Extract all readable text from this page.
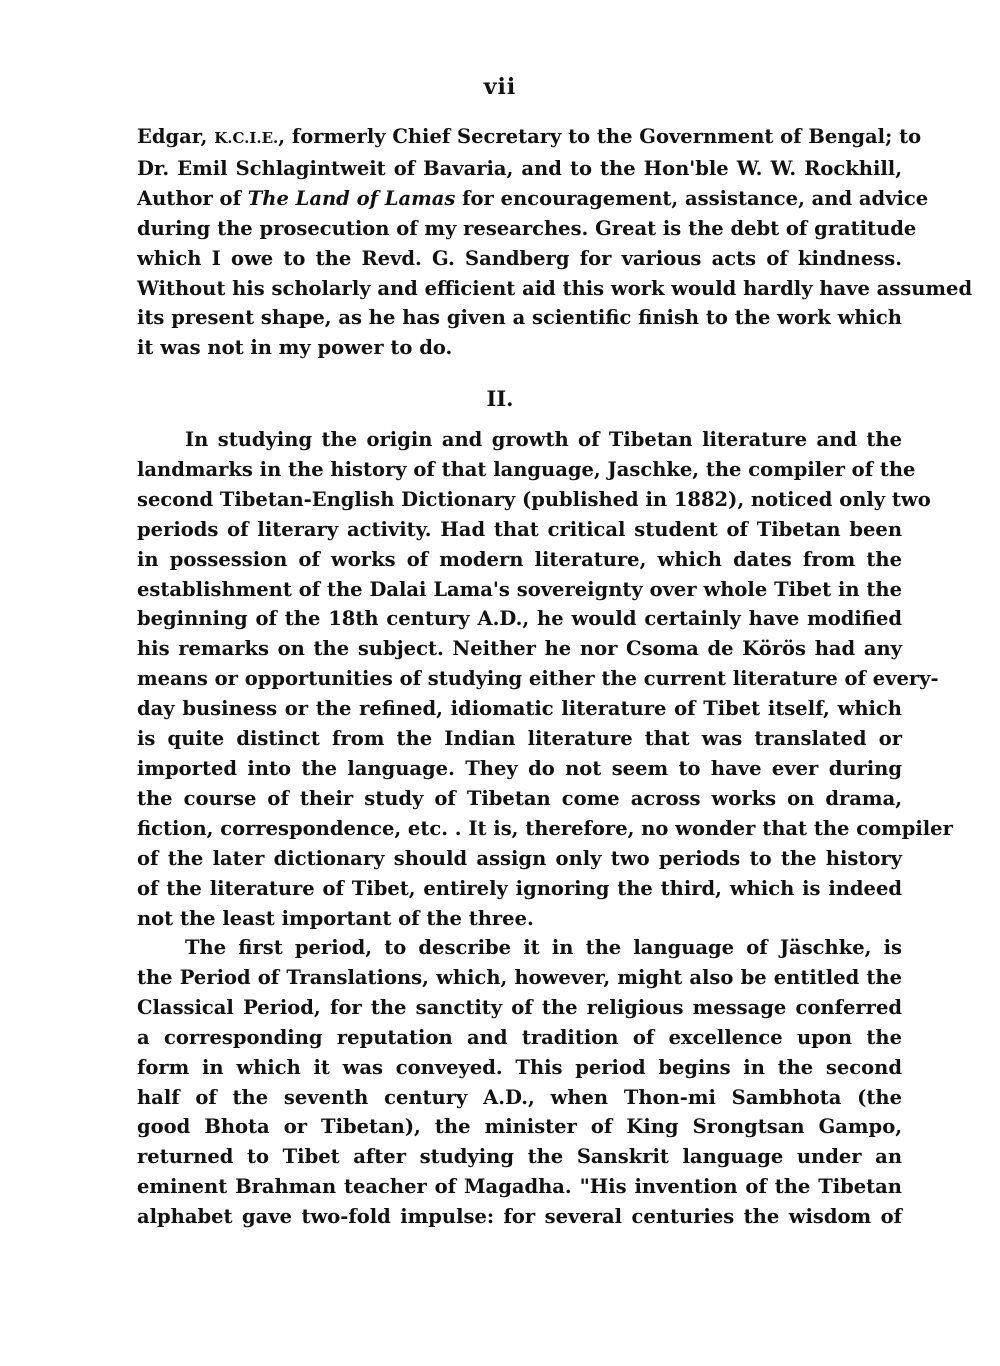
vii
Edgar, K.C.I.E., formerly Chief Secretary to the Government of Bengal; to
Dr. Emil Schlagintweit of Bavaria, and to the Hon'ble W. W. Rockhill,
Author of The Land of Lamas for encouragement, assistance, and advice
during the prosecution of my researches. Great is the debt of gratitude
which I owe to the Revd. G. Sandberg for various acts of kindness.
Without his scholarly and efficient aid this work would hardly have assumed
its present shape, as he has given a scientific finish to the work which
it was not in my power to do.
II.
In studying the origin and growth of Tibetan literature and the
landmarks in the history of that language, Jaschke, the compiler of the
second Tibetan-English Dictionary (published in 1882), noticed only two
periods of literary activity. Had that critical student of Tibetan been
in possession of works of modern literature, which dates from the
establishment of the Dalai Lama's sovereignty over whole Tibet in the
beginning of the 18th century A.D., he would certainly have modified
his remarks on the subject. Neither he nor Csoma de Körös had any
means or opportunities of studying either the current literature of every-
day business or the refined, idiomatic literature of Tibet itself, which
is quite distinct from the Indian literature that was translated or
imported into the language. They do not seem to have ever during
the course of their study of Tibetan come across works on drama,
fiction, correspondence, etc. . It is, therefore, no wonder that the compiler
of the later dictionary should assign only two periods to the history
of the literature of Tibet, entirely ignoring the third, which is indeed
not the least important of the three.
The first period, to describe it in the language of Jäschke, is
the Period of Translations, which, however, might also be entitled the
Classical Period, for the sanctity of the religious message conferred
a corresponding reputation and tradition of excellence upon the
form in which it was conveyed. This period begins in the second
half of the seventh century A.D., when Thon-mi Sambhota (the
good Bhota or Tibetan), the minister of King Srongtsan Gampo,
returned to Tibet after studying the Sanskrit language under an
eminent Brahman teacher of Magadha. "His invention of the Tibetan
alphabet gave two-fold impulse: for several centuries the wisdom of
